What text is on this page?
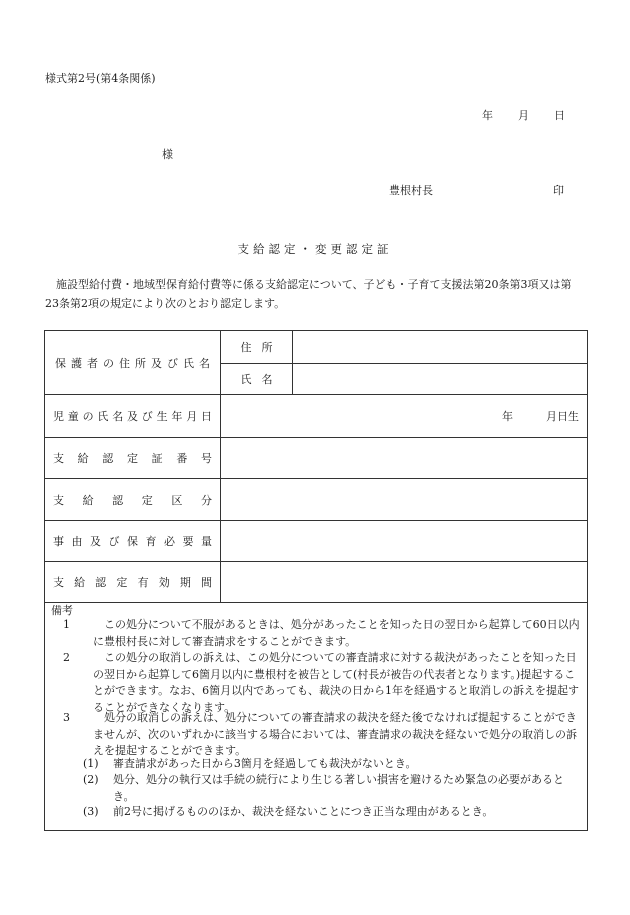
様式第2号(第4条関係)
年 月 日
様
豊根村長	印
支給認定・変更認定証
施設型給付費・地域型保育給付費等に係る支給認定について、子ども・子育て支援法第20条第3項又は第23条第2項の規定により次のとおり認定します。
保護者の住所及び氏名	住所	
	氏名	
児童の氏名及び生年月日	年 月日生	
支給認定証番号		
支給認定区分		
事由及び保育必要量		
支給認定有効期間		
備考
1	この処分について不服があるときは、処分があったことを知った日の翌日から起算して60日以内に豊根村長に対して審査請求をすることができます。
2	この処分の取消しの訴えは、この処分についての審査請求に対する裁決があったことを知った日の翌日から起算して6箇月以内に豊根村を被告として(村長が被告の代表者となります。)提起することができます。なお、6箇月以内であっても、裁決の日から1年を経過すると取消しの訴えを提起することができなくなります。
3	処分の取消しの訴えは、処分についての審査請求の裁決を経た後でなければ提起することができませんが、次のいずれかに該当する場合においては、審査請求の裁決を経ないで処分の取消しの訴えを提起することができます。
(1) 審査請求があった日から3箇月を経過しても裁決がないとき。
(2) 処分、処分の執行又は手続の続行により生じる著しい損害を避けるため緊急の必要があるとき。
(3) 前2号に掲げるもののほか、裁決を経ないことにつき正当な理由があるとき。
